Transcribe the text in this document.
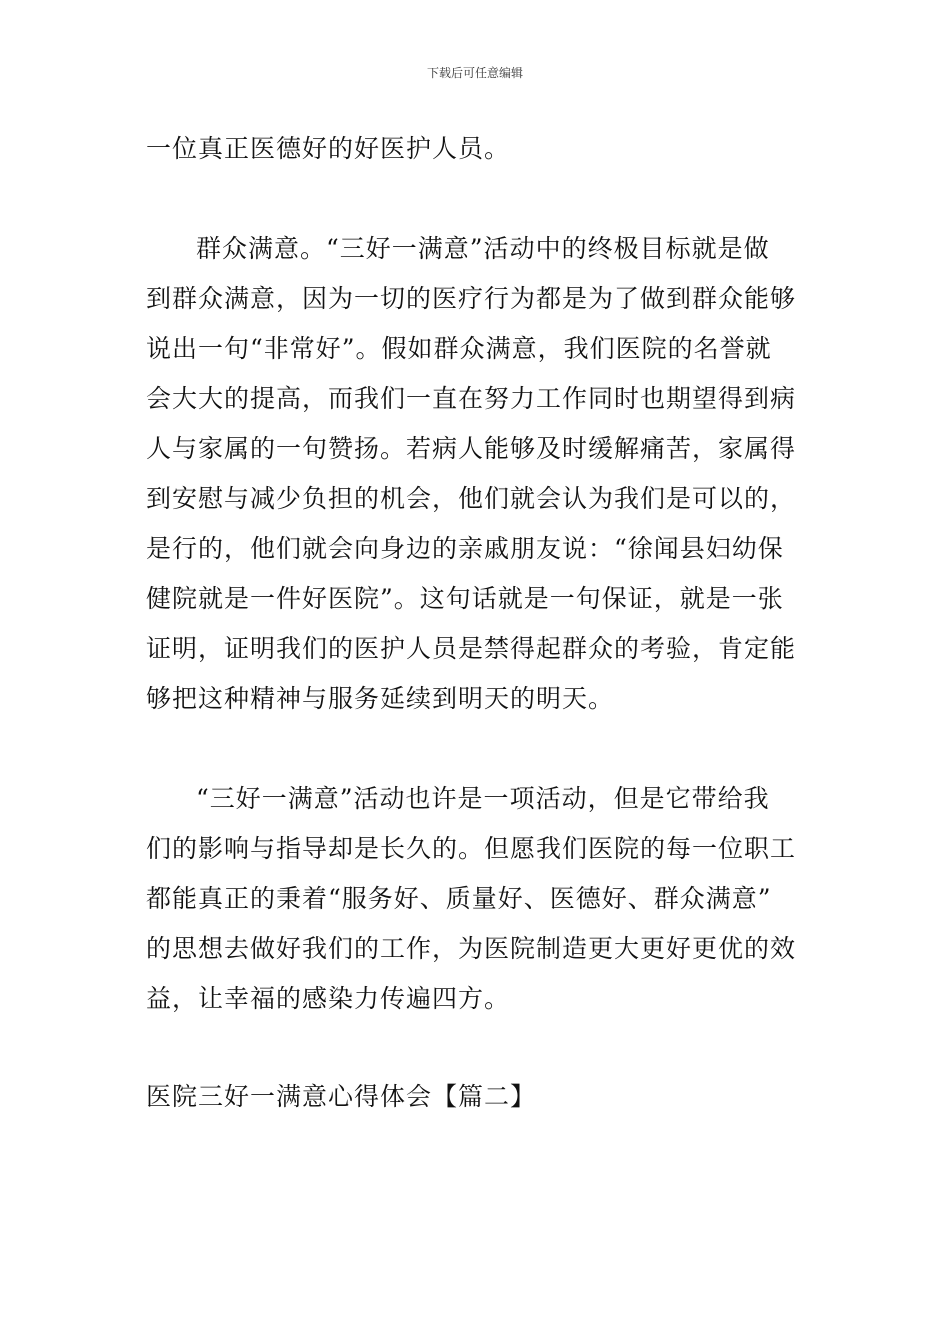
下载后可任意编辑
一位真正医德好的好医护人员。
群众满意。“三好一满意”活动中的终极目标就是做
到群众满意，因为一切的医疗行为都是为了做到群众能够
说出一句“非常好”。假如群众满意，我们医院的名誉就
会大大的提高，而我们一直在努力工作同时也期望得到病
人与家属的一句赞扬。若病人能够及时缓解痛苦，家属得
到安慰与减少负担的机会，他们就会认为我们是可以的，
是行的，他们就会向身边的亲戚朋友说：“徐闻县妇幼保
健院就是一件好医院”。这句话就是一句保证，就是一张
证明，证明我们的医护人员是禁得起群众的考验，肯定能
够把这种精神与服务延续到明天的明天。
“三好一满意”活动也许是一项活动，但是它带给我
们的影响与指导却是长久的。但愿我们医院的每一位职工
都能真正的秉着“服务好、质量好、医德好、群众满意”
的思想去做好我们的工作，为医院制造更大更好更优的效
益，让幸福的感染力传遍四方。
医院三好一满意心得体会【篇二】
